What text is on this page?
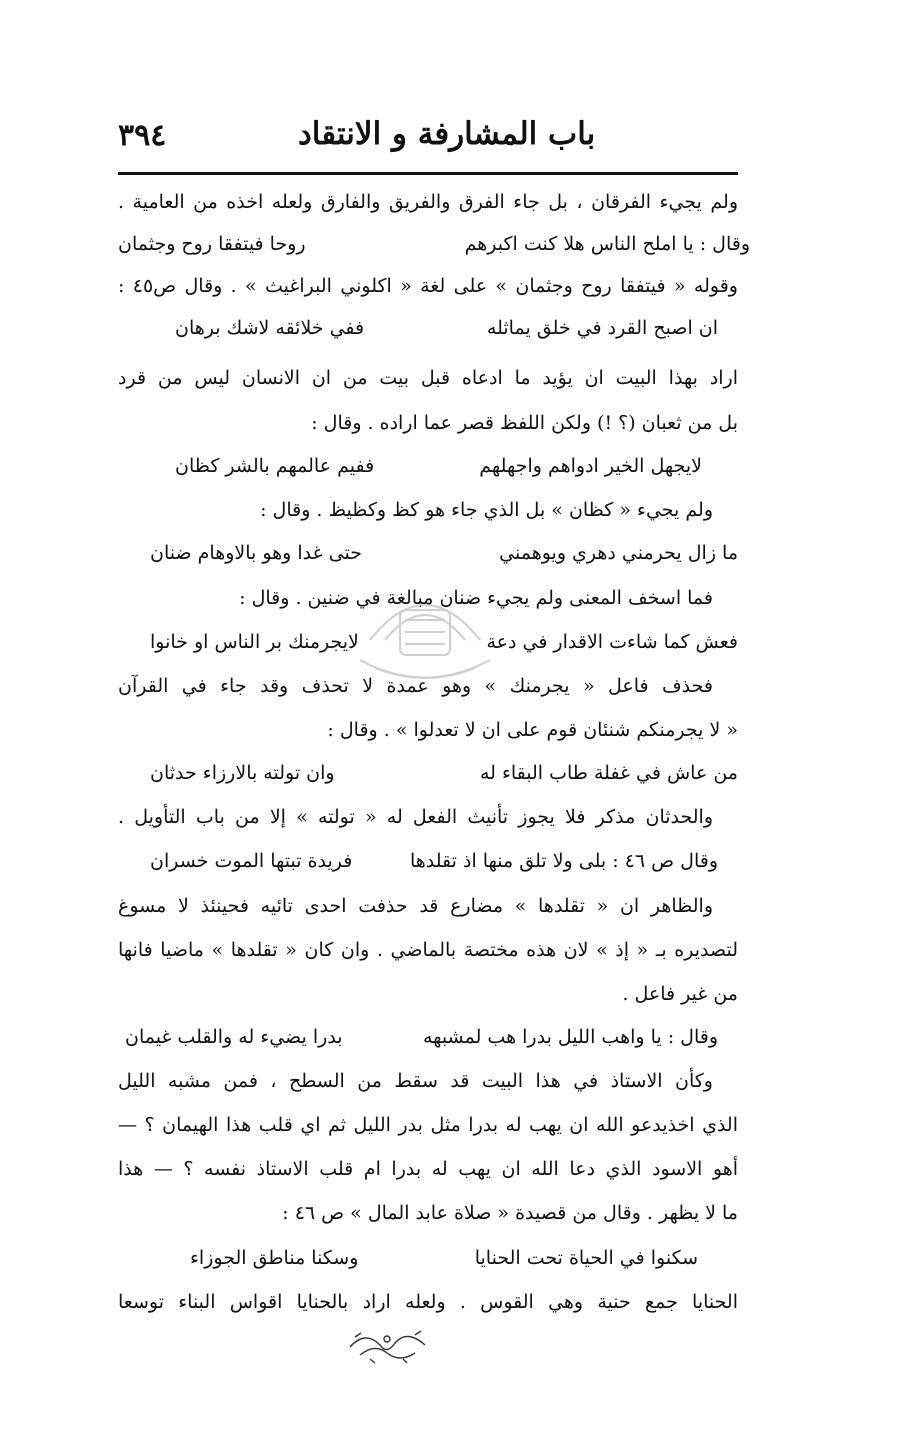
باب المشارفة و الانتقاد
٣٩٤
ولم يجيء الفرقان ، بل جاء الفرق والفريق والفارق ولعله اخذه من العامية .
وقال : يا املح الناس هلا كنت اكبرهم
روحا فيتفقا روح وجثمان
وقوله « فيتفقا روح وجثمان » على لغة « اكلوني البراغيث » . وقال ص٤٥ :
ان اصبح القرد في خلق يماثله
ففي خلائقه لاشك برهان
اراد بهذا البيت ان يؤيد ما ادعاه قبل بيت من ان الانسان ليس من قرد
بل من ثعبان (؟ !) ولكن اللفظ قصر عما اراده . وقال :
لايجهل الخير ادواهم واجهلهم
ففيم عالمهم بالشر كظان
ولم يجيء « كظان » بل الذي جاء هو كظ وكظيظ . وقال :
ما زال يحرمني دهري ويوهمني
حتى غدا وهو بالاوهام ضنان
فما اسخف المعنى ولم يجيء ضنان مبالغة في ضنين . وقال :
فعش كما شاءت الاقدار في دعة
لايجرمنك بر الناس او خانوا
فحذف فاعل « يجرمنك » وهو عمدة لا تحذف وقد جاء في القرآن
« لا يجرمنكم شنئان قوم على ان لا تعدلوا » . وقال :
من عاش في غفلة طاب البقاء له
وان تولته بالارزاء حدثان
والحدثان مذكر فلا يجوز تأنيث الفعل له « تولته » إلا من باب التأويل .
وقال ص ٤٦ : بلى ولا تلق منها اذ تقلدها
فريدة تبتها الموت خسران
والظاهر ان « تقلدها » مضارع قد حذفت احدى تائيه فحينئذ لا مسوغ
لتصديره بـ « إذ » لان هذه مختصة بالماضي . وان كان « تقلدها » ماضيا فانها
من غير فاعل .
وقال : يا واهب الليل بدرا هب لمشبهه
بدرا يضيء له والقلب غيمان
وكأن الاستاذ في هذا البيت قد سقط من السطح ، فمن مشبه الليل
الذي اخذيدعو الله ان يهب له بدرا مثل بدر الليل ثم اي قلب هذا الهيمان ؟ —
أهو الاسود الذي دعا الله ان يهب له بدرا ام قلب الاستاذ نفسه ؟ — هذا
ما لا يظهر . وقال من قصيدة « صلاة عابد المال » ص ٤٦ :
سكنوا في الحياة تحت الحنايا
وسكنا مناطق الجوزاء
الحنايا جمع حنية وهي القوس . ولعله اراد بالحنايا اقواس البناء توسعا
